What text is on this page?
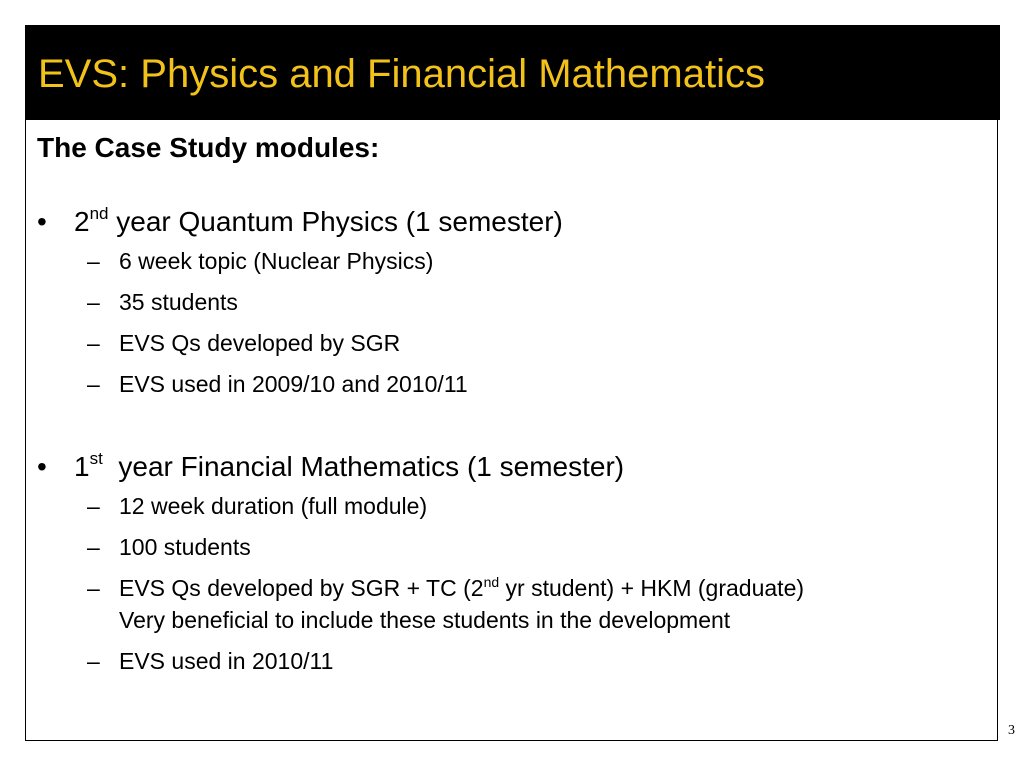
EVS: Physics and Financial Mathematics

The Case Study modules:

• 2nd year Quantum Physics (1 semester)
– 6 week topic (Nuclear Physics)
– 35 students
– EVS Qs developed by SGR
– EVS used in 2009/10 and 2010/11
• 1st  year Financial Mathematics (1 semester)
– 12 week duration (full module)
– 100 students
– EVS Qs developed by SGR + TC (2nd yr student) + HKM (graduate)
Very beneficial to include these students in the development
– EVS used in 2010/11
3
